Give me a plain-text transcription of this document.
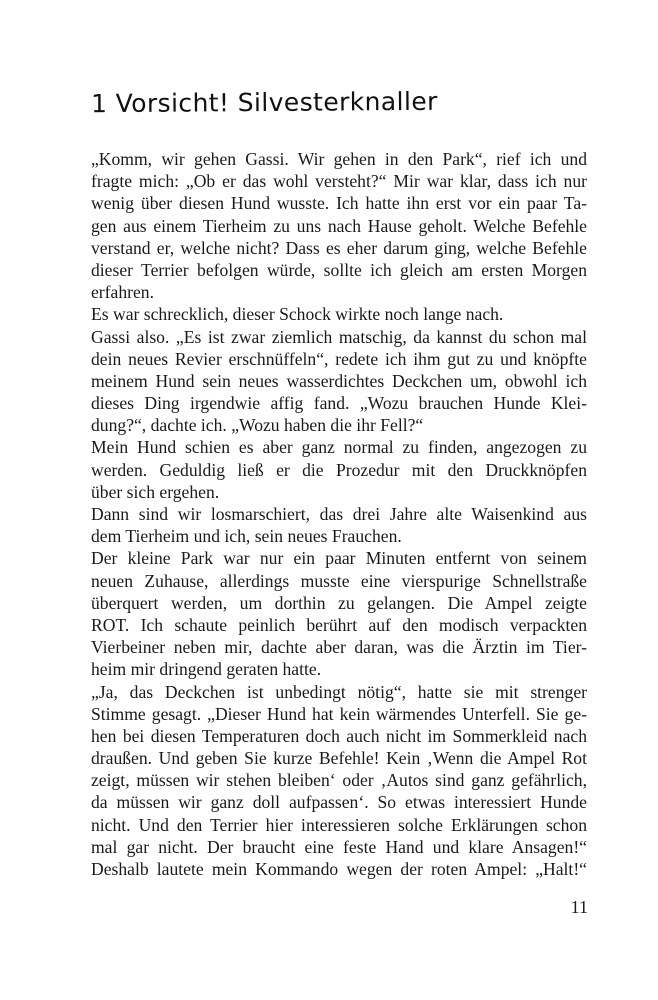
1 Vorsicht! Silvesterknaller
„Komm, wir gehen Gassi. Wir gehen in den Park“, rief ich und
fragte mich: „Ob er das wohl versteht?“ Mir war klar, dass ich nur
wenig über diesen Hund wusste. Ich hatte ihn erst vor ein paar Ta-
gen aus einem Tierheim zu uns nach Hause geholt. Welche Befehle
verstand er, welche nicht? Dass es eher darum ging, welche Befehle
dieser Terrier befolgen würde, sollte ich gleich am ersten Morgen
erfahren.
Es war schrecklich, dieser Schock wirkte noch lange nach.
Gassi also. „Es ist zwar ziemlich matschig, da kannst du schon mal
dein neues Revier erschnüffeln“, redete ich ihm gut zu und knöpfte
meinem Hund sein neues wasserdichtes Deckchen um, obwohl ich
dieses Ding irgendwie affig fand. „Wozu brauchen Hunde Klei-
dung?“, dachte ich. „Wozu haben die ihr Fell?“
Mein Hund schien es aber ganz normal zu finden, angezogen zu
werden. Geduldig ließ er die Prozedur mit den Druckknöpfen
über sich ergehen.
Dann sind wir losmarschiert, das drei Jahre alte Waisenkind aus
dem Tierheim und ich, sein neues Frauchen.
Der kleine Park war nur ein paar Minuten entfernt von seinem
neuen Zuhause, allerdings musste eine vierspurige Schnellstraße
überquert werden, um dorthin zu gelangen. Die Ampel zeigte
ROT. Ich schaute peinlich berührt auf den modisch verpackten
Vierbeiner neben mir, dachte aber daran, was die Ärztin im Tier-
heim mir dringend geraten hatte.
„Ja, das Deckchen ist unbedingt nötig“, hatte sie mit strenger
Stimme gesagt. „Dieser Hund hat kein wärmendes Unterfell. Sie ge-
hen bei diesen Temperaturen doch auch nicht im Sommerkleid nach
draußen. Und geben Sie kurze Befehle! Kein ‚Wenn die Ampel Rot
zeigt, müssen wir stehen bleiben‘ oder ‚Autos sind ganz gefährlich,
da müssen wir ganz doll aufpassen‘. So etwas interessiert Hunde
nicht. Und den Terrier hier interessieren solche Erklärungen schon
mal gar nicht. Der braucht eine feste Hand und klare Ansagen!“
Deshalb lautete mein Kommando wegen der roten Ampel: „Halt!“
11
